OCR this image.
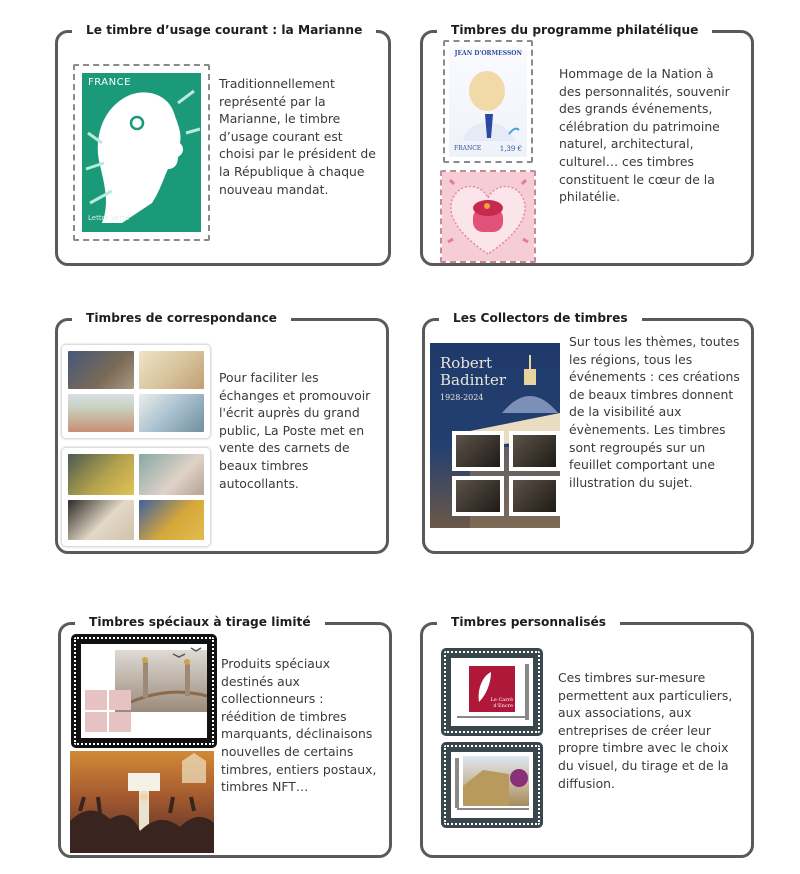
Le timbre d’usage courant : la Marianne
FRANCE
Lettre Verte

Traditionnellement représenté par la Marianne, le timbre d’usage courant est choisi par le président de la République à chaque nouveau mandat.

Timbres du programme philatélique
JEAN D'ORMESSON
FRANCE	1,39 €

Hommage de la Nation à des personnalités, souvenir des grands événements, célébration du patrimoine naturel, architectural, culturel… ces timbres constituent le cœur de la philatélie.

Timbres de correspondance

Pour faciliter les échanges et promouvoir l'écrit auprès du grand public, La Poste met en vente des carnets de beaux timbres autocollants.

Les Collectors de timbres
Robert Badinter
1928-2024

Sur tous les thèmes, toutes les régions, tous les événements : ces créations de beaux timbres donnent de la visibilité aux évènements. Les timbres sont regroupés sur un feuillet comportant une illustration du sujet.

Timbres spéciaux à tirage limité

Produits spéciaux destinés aux collectionneurs : réédition de timbres marquants, déclinaisons nouvelles de certains timbres, entiers postaux, timbres NFT…

Timbres personnalisés
Le Carré d'Encre

Ces timbres sur-mesure permettent aux particuliers, aux associations, aux entreprises de créer leur propre timbre avec le choix du visuel, du tirage et de la diffusion.
